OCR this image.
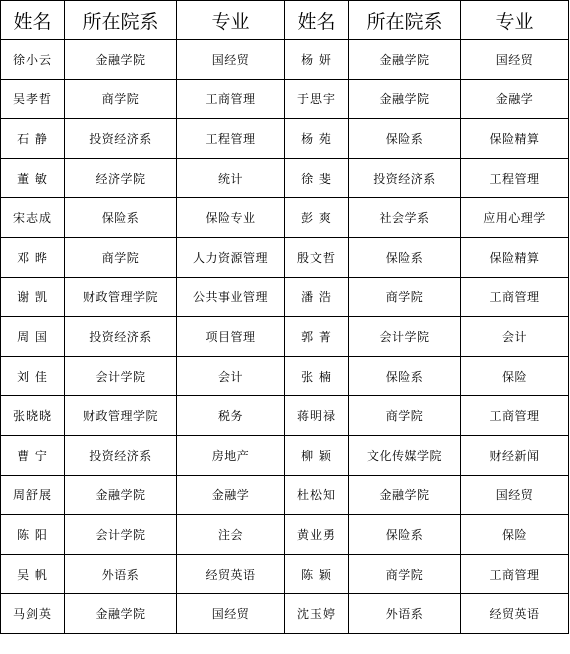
姓名	所在院系	专业	姓名	所在院系	专业
徐小云	金融学院	国经贸	杨 妍	金融学院	国经贸
吴孝哲	商学院	工商管理	于思宇	金融学院	金融学
石 静	投资经济系	工程管理	杨 苑	保险系	保险精算
董 敏	经济学院	统计	徐 斐	投资经济系	工程管理
宋志成	保险系	保险专业	彭 爽	社会学系	应用心理学
邓 晔	商学院	人力资源管理	殷文哲	保险系	保险精算
谢 凯	财政管理学院	公共事业管理	潘 浩	商学院	工商管理
周 国	投资经济系	项目管理	郭 菁	会计学院	会计
刘 佳	会计学院	会计	张 楠	保险系	保险
张晓晓	财政管理学院	税务	蒋明禄	商学院	工商管理
曹 宁	投资经济系	房地产	柳 颖	文化传媒学院	财经新闻
周舒展	金融学院	金融学	杜松知	金融学院	国经贸
陈 阳	会计学院	注会	黄业勇	保险系	保险
吴 帆	外语系	经贸英语	陈 颖	商学院	工商管理
马剑英	金融学院	国经贸	沈玉婷	外语系	经贸英语
